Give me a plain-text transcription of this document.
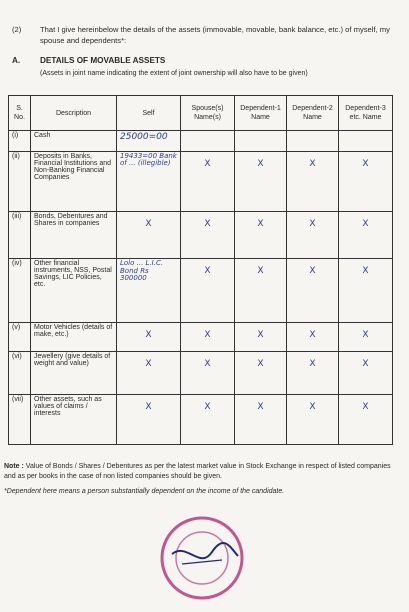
(2) That I give hereinbelow the details of the assets (immovable, movable, bank balance, etc.) of myself, my spouse and dependents*:
A. DETAILS OF MOVABLE ASSETS
(Assets in joint name indicating the extent of joint ownership will also have to be given)
S. No.	Description	Self	Spouse(s) Name(s)	Dependent-1 Name	Dependent-2 Name	Dependent-3 etc. Name
(i)	Cash	25000=00				
(ii)	Deposits in Banks, Financial Institutions and Non-Banking Financial Companies	19433=00 Bank of ... (illegible)	X	X	X	X

(iii)	Bonds, Debentures and Shares in companies	X	X	X	X	X

(iv)	Other financial instruments, NSS, Postal Savings, LIC Policies, etc.	Lolo ... L.I.C. Bond Rs 300000	X	X	X	X

(v)	Motor Vehicles (details of make, etc.)	X	X	X	X	X

(vi)	Jewellery (give details of weight and value)	X	X	X	X	X

(vii)	Other assets, such as values of claims / interests	X	X	X	X	X
Note : Value of Bonds / Shares / Debentures as per the latest market value in Stock Exchange in respect of listed companies and as per books in the case of non listed companies should be given.
*Dependent here means a person substantially dependent on the income of the candidate.
